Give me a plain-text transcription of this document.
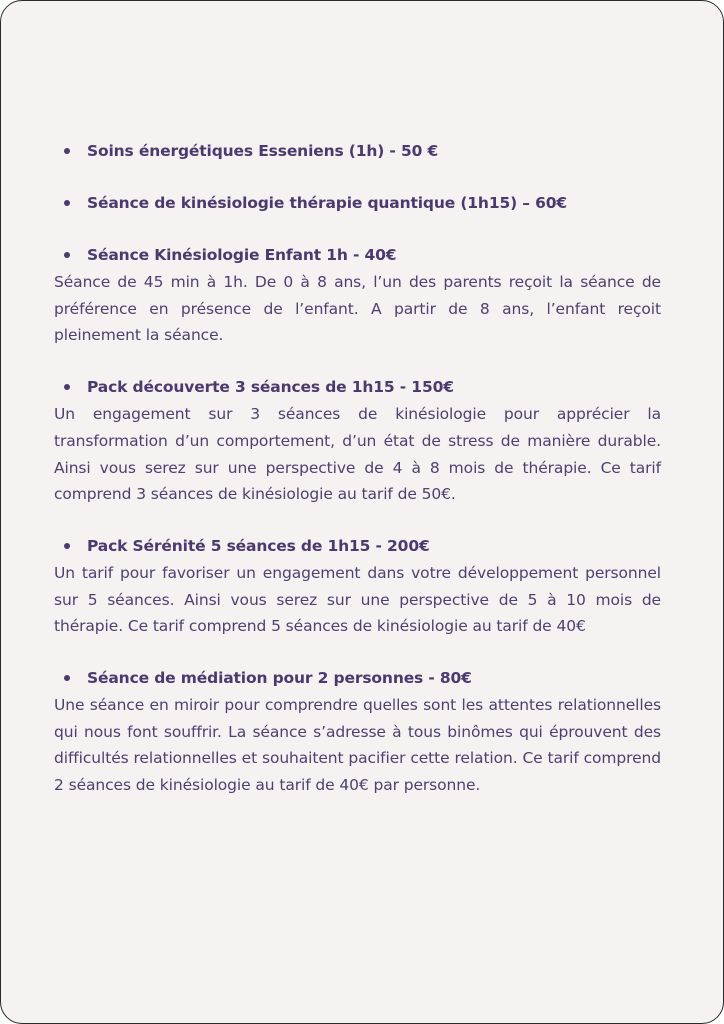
Soins énergétiques Esseniens (1h) - 50 €

Séance de kinésiologie thérapie quantique (1h15) – 60€

Séance Kinésiologie Enfant 1h - 40€

Séance de 45 min à 1h. De 0 à 8 ans, l’un des parents reçoit la séance de préférence en présence de l’enfant. A partir de 8 ans, l’enfant reçoit pleinement la séance.

Pack découverte 3 séances de 1h15 - 150€

Un engagement sur 3 séances de kinésiologie pour apprécier la transformation d’un comportement, d’un état de stress de manière durable. Ainsi vous serez sur une perspective de 4 à 8 mois de thérapie. Ce tarif comprend 3 séances de kinésiologie au tarif de 50€.

Pack Sérénité 5 séances de 1h15 - 200€

Un tarif pour favoriser un engagement dans votre développement personnel sur 5 séances. Ainsi vous serez sur une perspective de 5 à 10 mois de thérapie. Ce tarif comprend 5 séances de kinésiologie au tarif de 40€

Séance de médiation pour 2 personnes - 80€

Une séance en miroir pour comprendre quelles sont les attentes relationnelles qui nous font souffrir. La séance s’adresse à tous binômes qui éprouvent des difficultés relationnelles et souhaitent pacifier cette relation. Ce tarif comprend 2 séances de kinésiologie au tarif de 40€ par personne.
